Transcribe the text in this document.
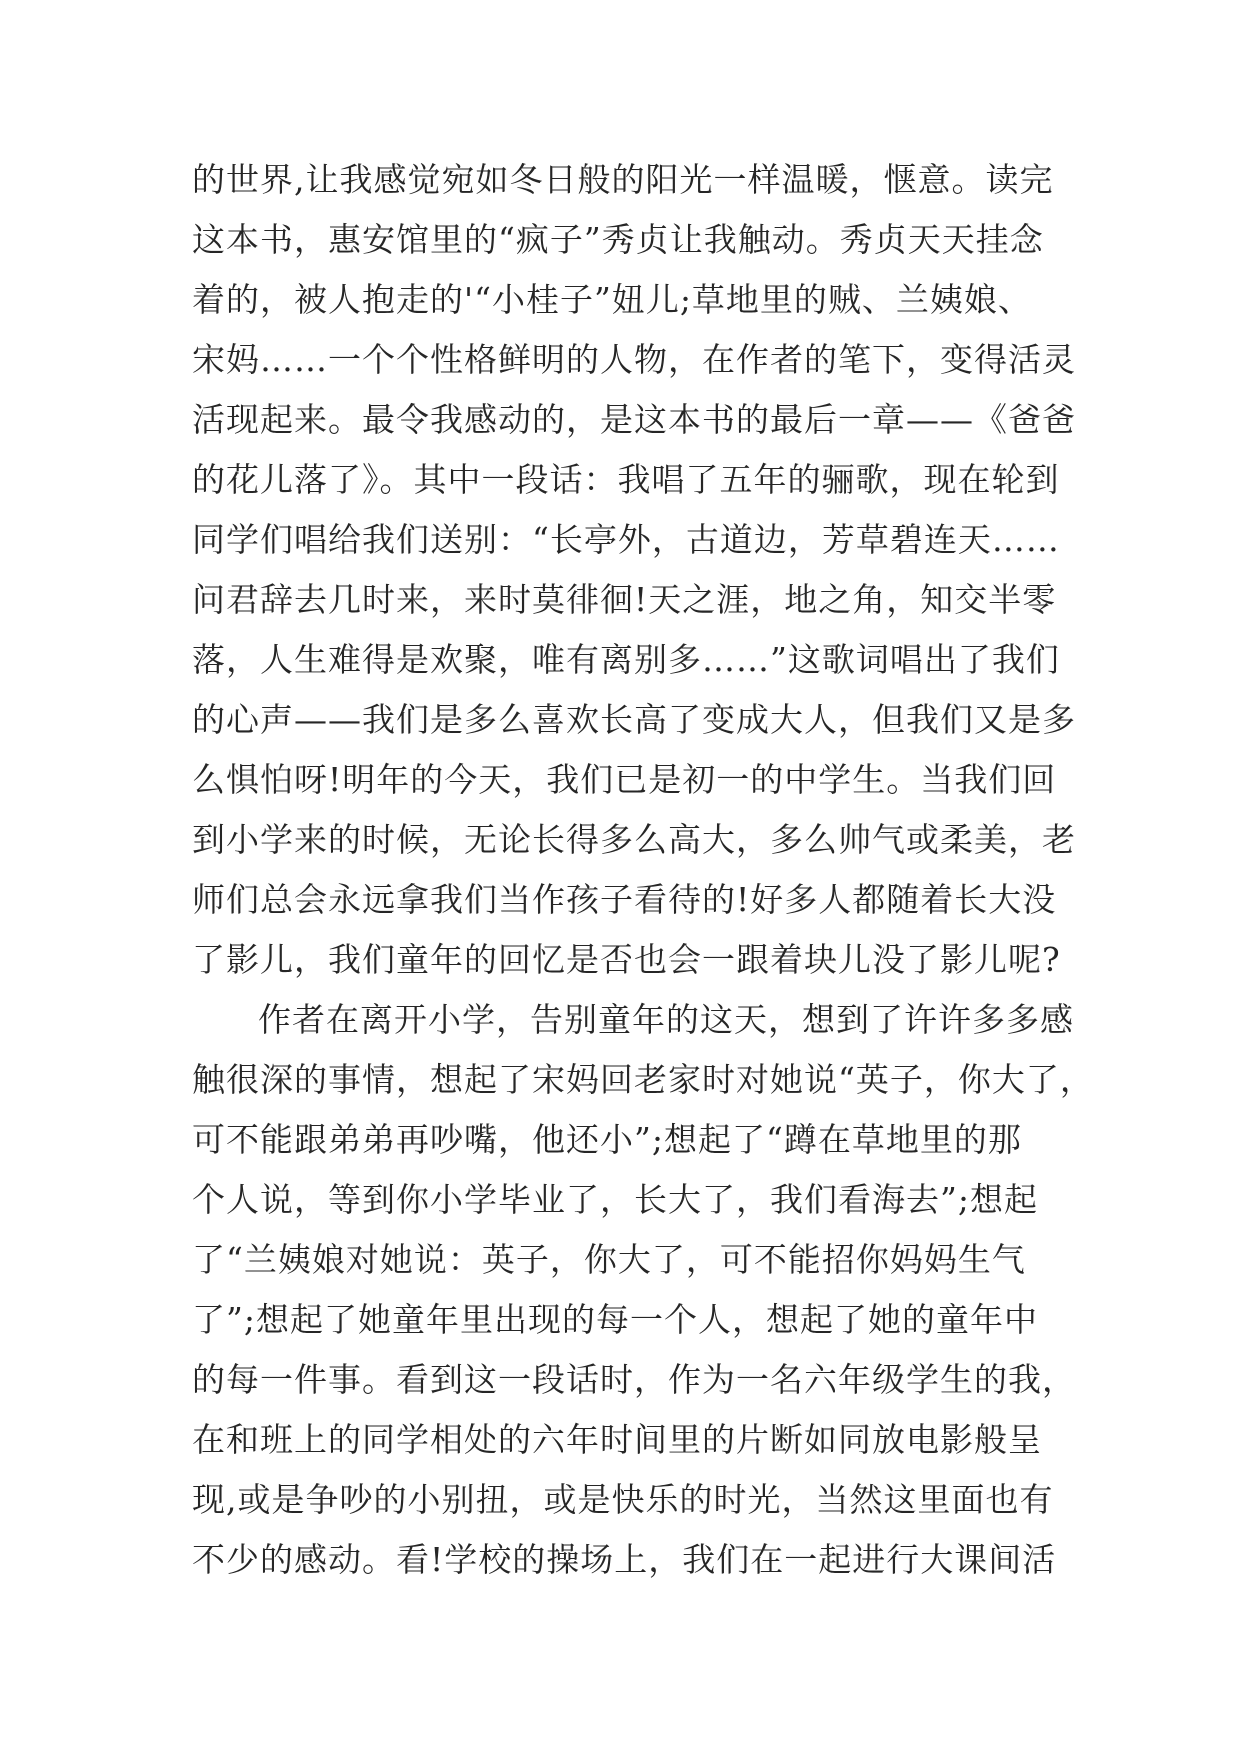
的世界,让我感觉宛如冬日般的阳光一样温暖，惬意。读完
这本书，惠安馆里的“疯子”秀贞让我触动。秀贞天天挂念
着的，被人抱走的'“小桂子”妞儿;草地里的贼、兰姨娘、
宋妈……一个个性格鲜明的人物，在作者的笔下，变得活灵
活现起来。最令我感动的，是这本书的最后一章——《爸爸
的花儿落了》。其中一段话：我唱了五年的骊歌，现在轮到
同学们唱给我们送别：“长亭外，古道边，芳草碧连天……
问君辞去几时来，来时莫徘徊!天之涯，地之角，知交半零
落，人生难得是欢聚，唯有离别多……”这歌词唱出了我们
的心声——我们是多么喜欢长高了变成大人，但我们又是多
么惧怕呀!明年的今天，我们已是初一的中学生。当我们回
到小学来的时候，无论长得多么高大，多么帅气或柔美，老
师们总会永远拿我们当作孩子看待的!好多人都随着长大没
了影儿，我们童年的回忆是否也会一跟着块儿没了影儿呢?
作者在离开小学，告别童年的这天，想到了许许多多感
触很深的事情，想起了宋妈回老家时对她说“英子，你大了，
可不能跟弟弟再吵嘴，他还小”;想起了“蹲在草地里的那
个人说，等到你小学毕业了，长大了，我们看海去”;想起
了“兰姨娘对她说：英子，你大了，可不能招你妈妈生气
了”;想起了她童年里出现的每一个人，想起了她的童年中
的每一件事。看到这一段话时，作为一名六年级学生的我，
在和班上的同学相处的六年时间里的片断如同放电影般呈
现,或是争吵的小别扭，或是快乐的时光，当然这里面也有
不少的感动。看!学校的操场上，我们在一起进行大课间活
